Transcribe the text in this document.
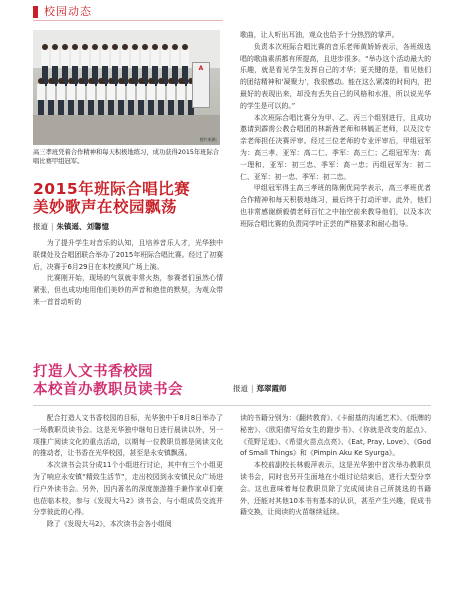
校园动态
A
图片来源:
高三孝班凭着合作精神和每天积极地练习，成功获得2015年班际合唱比赛甲组冠军。
2015年班际合唱比赛
美妙歌声在校园飘荡
报道 | 朱镇遥、刘馨憶

为了提升学生对音乐的认知，且培养音乐人才，光华独中联课处及合唱团联合举办了2015年班际合唱比赛。经过了初赛后，决赛于6月29日在本校漠风广场上演。

比赛刚开始，现场的气氛就非常火热，参赛者们虽然心情紧张，但也成功地用他们美妙的声音和绝佳的默契，为观众带来一首首动听的

歌曲，让人听出耳油，观众也给予十分热烈的掌声。

负责本次班际合唱比赛的音乐老师黄娇娇表示，各班级选唱的歌曲素质都有所提高，且进步很多。“举办这个活动最大的乐趣，就是看见学生发挥自己的才华；更关键的是，看见他们的团结精神和‘凝聚力’，我很感动。能在这么紧凑的时间内，把最好的表现出来，却没有丢失自己的风格和水准，所以说光华的学生是可以的。”

本次班际合唱比赛分为甲、乙、丙三个组别进行，且成功邀请到霹雳公教合唱团的林新茜老师和林毓正老师，以及汶专亲老师担任决赛评审。经过三位老师的专业评审后，甲组冠军为：高三孝、亚军：高二仁、季军：高三仁；乙组冠军为：高一理和、亚军：初三忠、季军：高一忠；丙组冠军为：初二仁、亚军：初一忠、季军：初二忠。

甲组冠军得主高三孝班的陈俐优同学表示，高三孝班优者合作精神和每天积极地练习，最后终于打动评审。此外，他们也非常感谢颜毅倩老师百忙之中抽空前来教导他们，以及本次班际合唱比赛的负责同学叶正芸的严格要求和耐心指导。

打造人文书香校园
本校首办教职员读书会	报道 | 郑翠霞师

配合打造人文书香校园的目标，光华独中于8月8日举办了一场教职员读书会。这是光华独中继旬日进行晨读以外，另一项推广阅读文化的重点活动，以期每一位教职员都是阅读文化的推动者，让书香在光华校园，甚至是永安镇飘荡。

本次读书会共分成11个小组进行讨论，其中有三个小组更为了响应永安镇“精致生活节”，走出校园到永安镇民众广场进行户外读书会。另外，因内著名的深度旅游推手兼作家卓们豪也莅临本校，参与《发现大马2》读书会，与小组成员交流并分享彼此的心得。

除了《发现大马2》，本次读书会各小组阅

读的书籍分别为：《翻转教育》、《卡耐基的沟通艺术》、《纸牌的秘密》、《欧阳倩写给女生的蹬步书》、《你就是改变的起点》、《荒野足迹》、《希望火苗点点亮》、《Eat, Pray, Love》、《God of Small Things》和《Pimpin Aku Ke Syurga》。

本校前副校长林毅萍表示，这是光华独中首次举办教职员读书会，同时也另开生面地在小组讨论结束后，进行大型分享会。这也意味着每位教职员除了完成阅读自己所挑选的书籍外，还能对其他10本书有基本的认识，甚至产生兴趣，促成书籍交换，让阅读的火苗继续延续。
